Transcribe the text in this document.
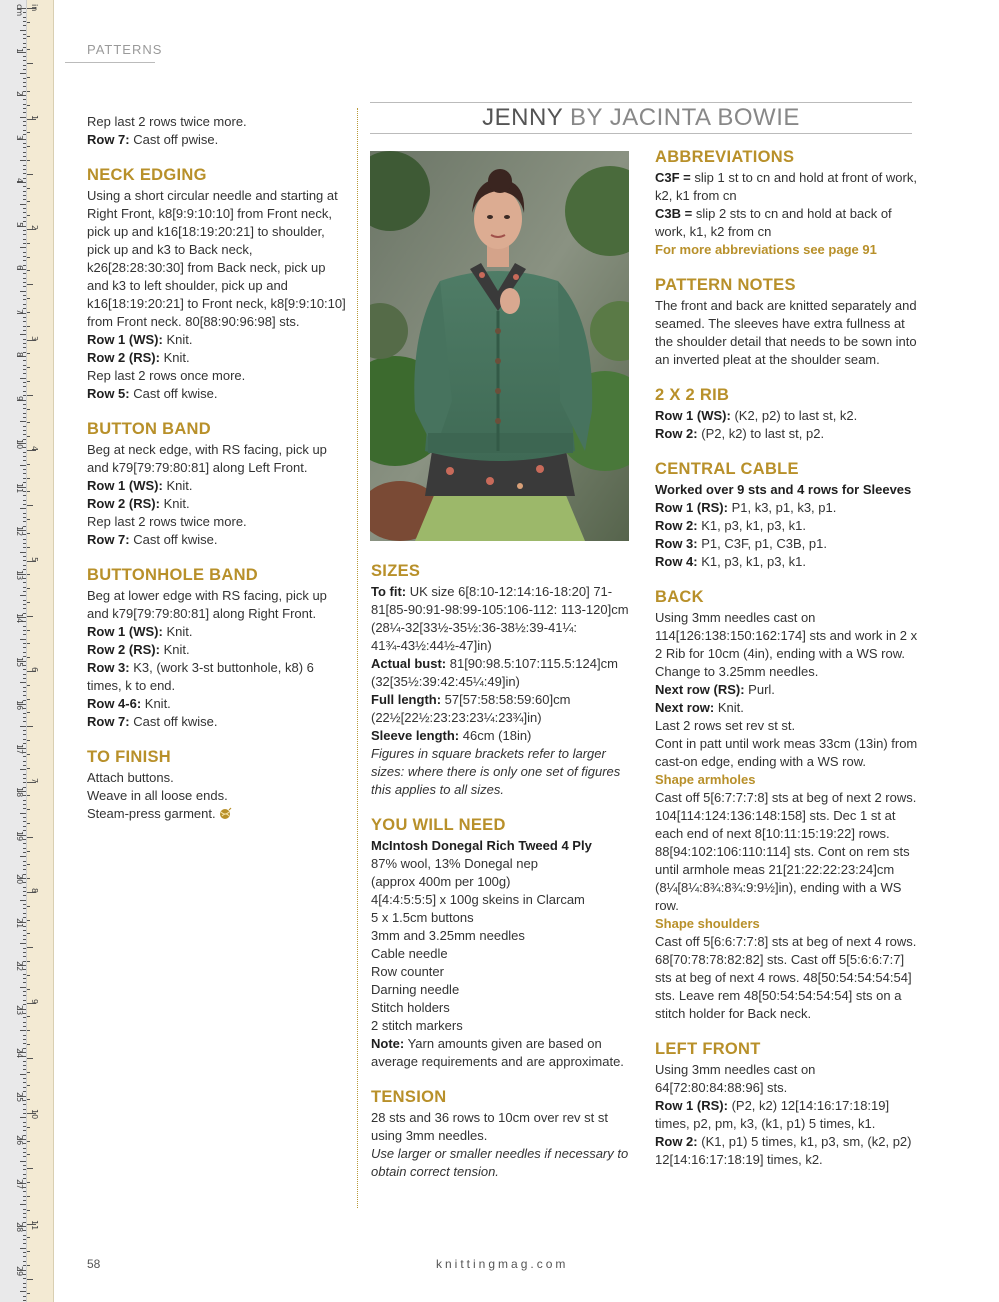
cm
1
2
3
4
5
6
7
8
9
10
11
12
13
14
15
16
17
18
19
20
21
22
23
24
25
26
27
28
29
in
1
2
3
4
5
6
7
8
9
10
11
PATTERNS
JENNY BY JACINTA BOWIE

Rep last 2 rows twice more.

Row 7: Cast off pwise.

NECK EDGING

Using a short circular needle and starting at Right Front, k8[9:9:10:10] from Front neck, pick up and k16[18:19:20:21] to shoulder, pick up and k3 to Back neck, k26[28:28:30:30] from Back neck, pick up and k3 to left shoulder, pick up and k16[18:19:20:21] to Front neck, k8[9:9:10:10] from Front neck. 80[88:90:96:98] sts.

Row 1 (WS): Knit.

Row 2 (RS): Knit.

Rep last 2 rows once more.

Row 5: Cast off kwise.

BUTTON BAND

Beg at neck edge, with RS facing, pick up and k79[79:79:80:81] along Left Front.

Row 1 (WS): Knit.

Row 2 (RS): Knit.

Rep last 2 rows twice more.

Row 7: Cast off kwise.

BUTTONHOLE BAND

Beg at lower edge with RS facing, pick up and k79[79:79:80:81] along Right Front.

Row 1 (WS): Knit.

Row 2 (RS): Knit.

Row 3: K3, (work 3-st buttonhole, k8) 6 times, k to end.

Row 4-6: Knit.

Row 7: Cast off kwise.

TO FINISH

Attach buttons.

Weave in all loose ends.

Steam-press garment.

SIZES

To fit: UK size 6[8:10-12:14:16-18:20] 71-81[85-90:91-98:99-105:106-112: 113-120]cm (28¼-32[33½-35½:36-38½:39-41¼: 41¾-43½:44½-47]in)

Actual bust: 81[90:98.5:107:115.5:124]cm (32[35½:39:42:45¼:49]in)

Full length: 57[57:58:58:59:60]cm (22½[22½:23:23:23¼:23¾]in)

Sleeve length: 46cm (18in)

Figures in square brackets refer to larger sizes: where there is only one set of figures this applies to all sizes.

YOU WILL NEED

McIntosh Donegal Rich Tweed 4 Ply

87% wool, 13% Donegal nep

(approx 400m per 100g)

4[4:4:5:5:5] x 100g skeins in Clarcam

5 x 1.5cm buttons

3mm and 3.25mm needles

Cable needle

Row counter

Darning needle

Stitch holders

2 stitch markers

Note: Yarn amounts given are based on average requirements and are approximate.

TENSION

28 sts and 36 rows to 10cm over rev st st using 3mm needles.

Use larger or smaller needles if necessary to obtain correct tension.

ABBREVIATIONS

C3F = slip 1 st to cn and hold at front of work, k2, k1 from cn

C3B = slip 2 sts to cn and hold at back of work, k1, k2 from cn

For more abbreviations see page 91

PATTERN NOTES

The front and back are knitted separately and seamed. The sleeves have extra fullness at the shoulder detail that needs to be sown into an inverted pleat at the shoulder seam.

2 X 2 RIB

Row 1 (WS): (K2, p2) to last st, k2.

Row 2: (P2, k2) to last st, p2.

CENTRAL CABLE

Worked over 9 sts and 4 rows for Sleeves

Row 1 (RS): P1, k3, p1, k3, p1.

Row 2: K1, p3, k1, p3, k1.

Row 3: P1, C3F, p1, C3B, p1.

Row 4: K1, p3, k1, p3, k1.

BACK

Using 3mm needles cast on 114[126:138:150:162:174] sts and work in 2 x 2 Rib for 10cm (4in), ending with a WS row. Change to 3.25mm needles.

Next row (RS): Purl.

Next row: Knit.

Last 2 rows set rev st st.

Cont in patt until work meas 33cm (13in) from cast-on edge, ending with a WS row.

Shape armholes

Cast off 5[6:7:7:7:8] sts at beg of next 2 rows. 104[114:124:136:148:158] sts. Dec 1 st at each end of next 8[10:11:15:19:22] rows. 88[94:102:106:110:114] sts. Cont on rem sts until armhole meas 21[21:22:22:23:24]cm (8¼[8¼:8¾:8¾:9:9½]in), ending with a WS row.

Shape shoulders

Cast off 5[6:6:7:7:8] sts at beg of next 4 rows. 68[70:78:78:82:82] sts. Cast off 5[5:6:6:7:7] sts at beg of next 4 rows. 48[50:54:54:54:54] sts. Leave rem 48[50:54:54:54:54] sts on a stitch holder for Back neck.

LEFT FRONT

Using 3mm needles cast on 64[72:80:84:88:96] sts.

Row 1 (RS): (P2, k2) 12[14:16:17:18:19] times, p2, pm, k3, (k1, p1) 5 times, k1.

Row 2: (K1, p1) 5 times, k1, p3, sm, (k2, p2) 12[14:16:17:18:19] times, k2.

58	knittingmag.com
